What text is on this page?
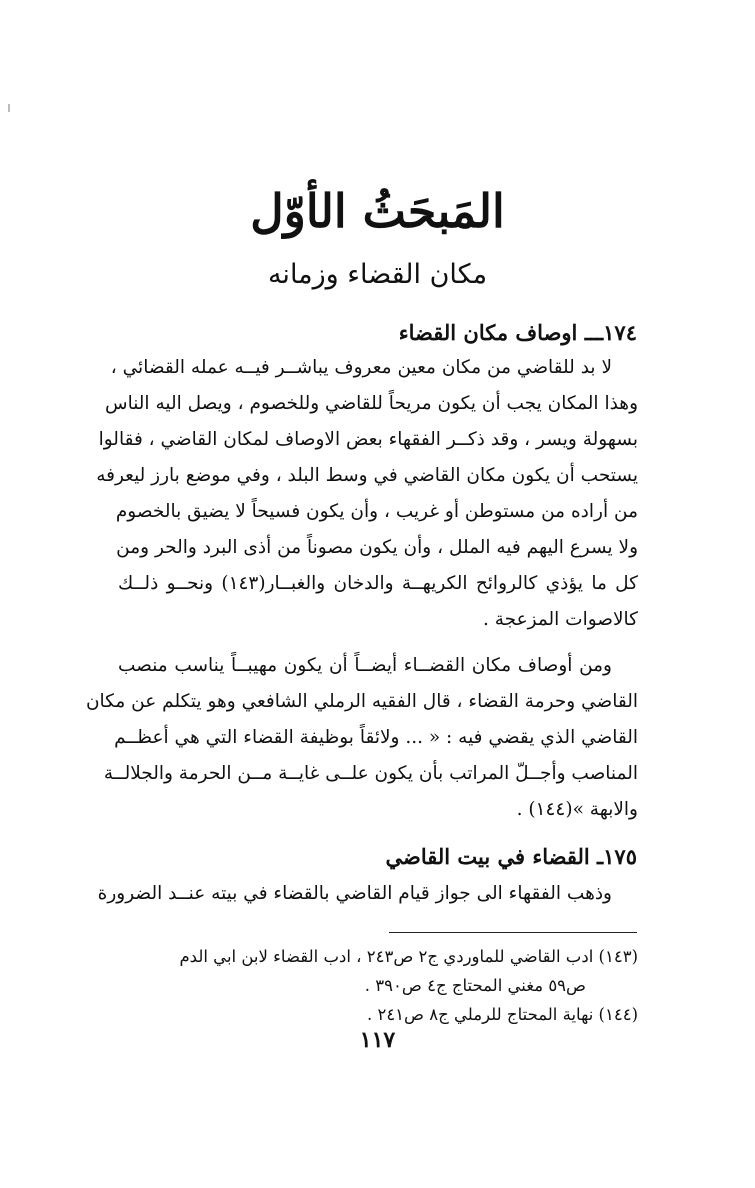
المَبحَثُ الأوّل
مكان القضاء وزمانه
١٧٤ـــ اوصاف مكان القضاء
لا بد للقاضي من مكان معين معروف يباشــر فيــه عمله القضائي ،
وهذا المكان يجب أن يكون مريحاً للقاضي وللخصوم ، ويصل اليه الناس
بسهولة ويسر ، وقد ذكــر الفقهاء بعض الاوصاف لمكان القاضي ، فقالوا
يستحب أن يكون مكان القاضي في وسط البلد ، وفي موضع بارز ليعرفه
من أراده من مستوطن أو غريب ، وأن يكون فسيحاً لا يضيق بالخصوم
ولا يسرع اليهم فيه الملل ، وأن يكون مصوناً من أذى البرد والحر ومن
كل ما يؤذي كالروائح الكريهــة والدخان والغبــار(١٤٣) ونحــو ذلــك
كالاصوات المزعجة .
ومن أوصاف مكان القضــاء أيضــاً أن يكون مهيبــاً يناسب منصب
القاضي وحرمة القضاء ، قال الفقيه الرملي الشافعي وهو يتكلم عن مكان
القاضي الذي يقضي فيه : « ... ولائقاً بوظيفة القضاء التي هي أعظــم
المناصب وأجــلّ المراتب بأن يكون علــى غايــة مــن الحرمة والجلالــة
والابهة »(١٤٤) .
١٧٥ـ القضاء في بيت القاضي
وذهب الفقهاء الى جواز قيام القاضي بالقضاء في بيته عنــد الضرورة
(١٤٣) ادب القاضي للماوردي ج٢ ص٢٤٣ ، ادب القضاء لابن ابي الدم
ص٥٩ مغني المحتاج ج٤ ص٣٩٠ .
(١٤٤) نهاية المحتاج للرملي ج٨ ص٢٤١ .
١١٧
